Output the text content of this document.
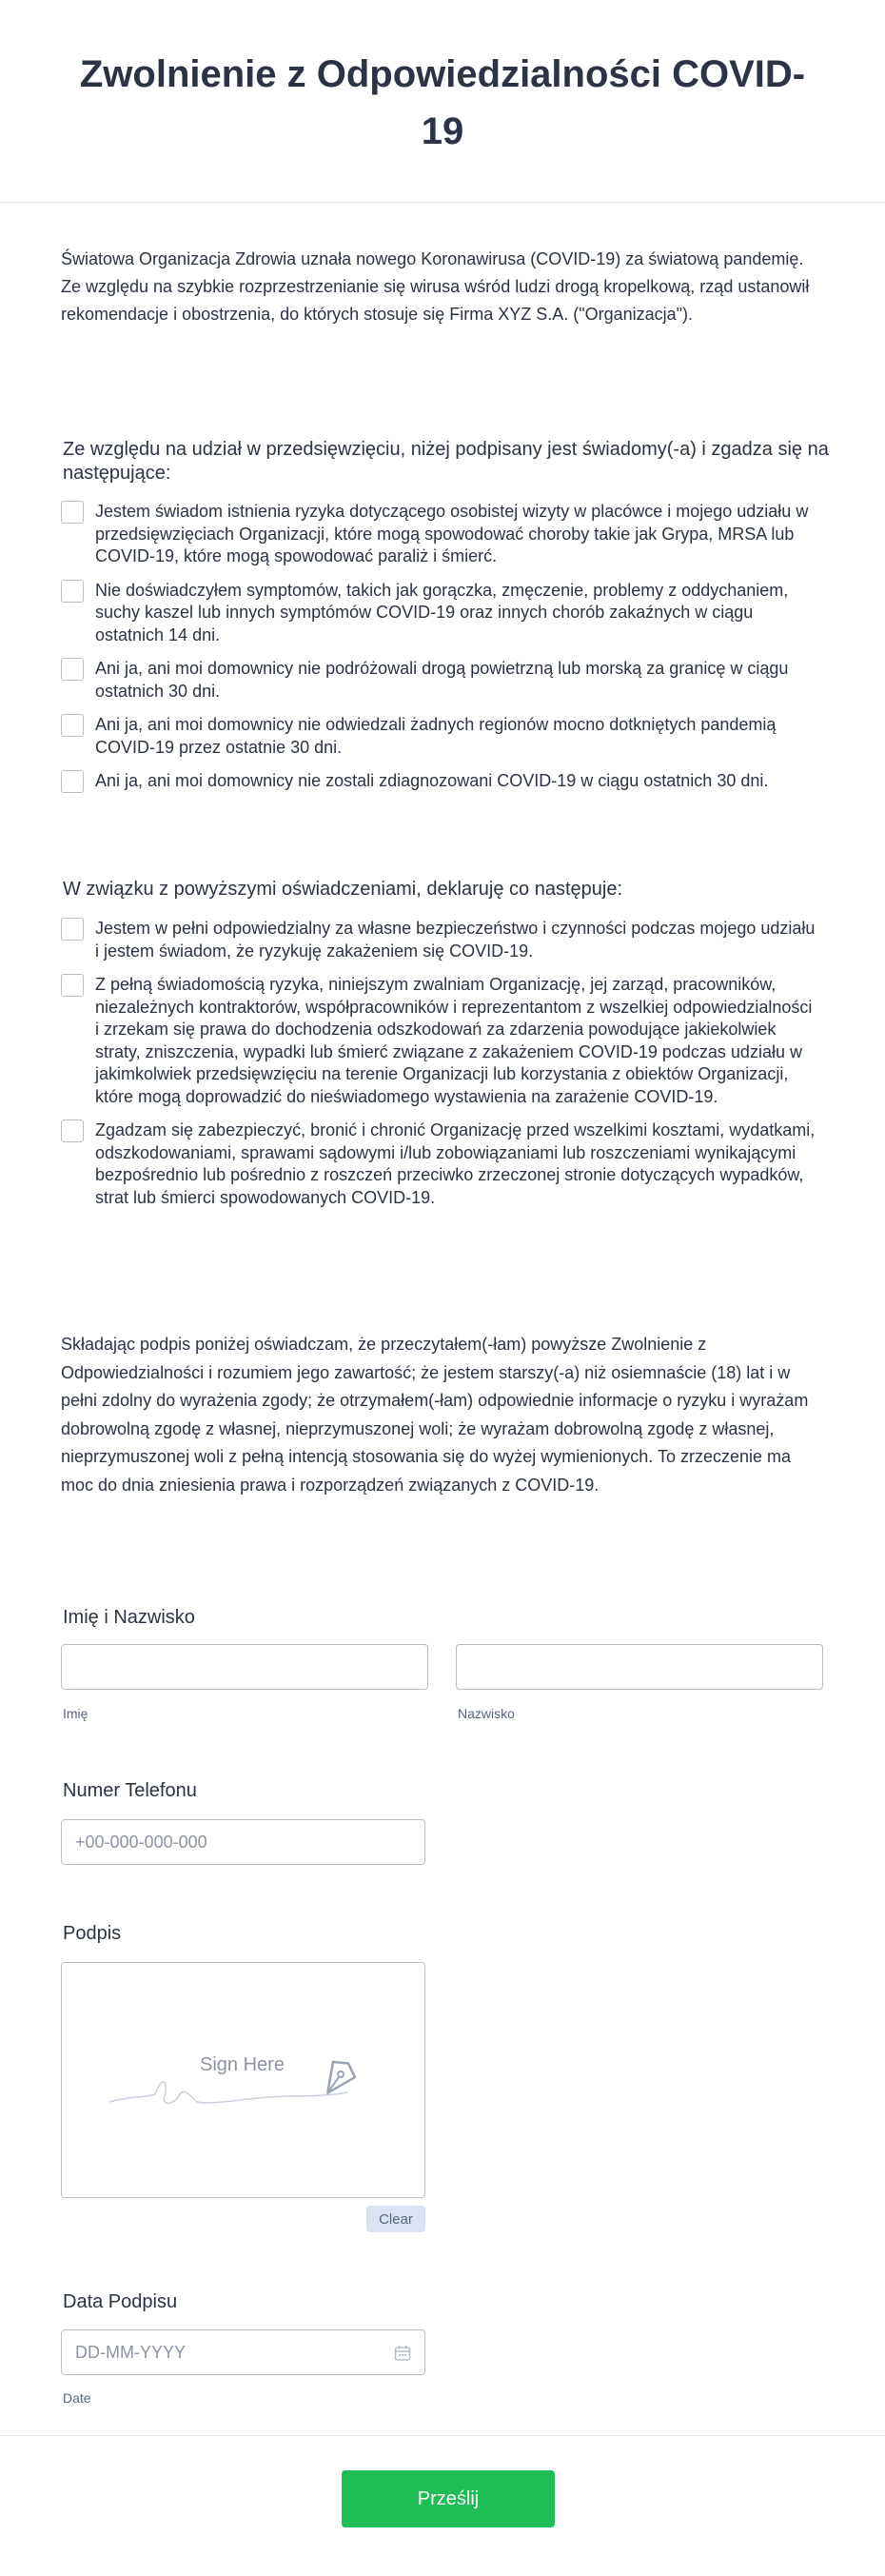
Zwolnienie z Odpowiedzialności COVID-19

Światowa Organizacja Zdrowia uznała nowego Koronawirusa (COVID-19) za światową pandemię. Ze względu na szybkie rozprzestrzenianie się wirusa wśród ludzi drogą kropelkową, rząd ustanowił rekomendacje i obostrzenia, do których stosuje się Firma XYZ S.A. ("Organizacja").

Ze względu na udział w przedsięwzięciu, niżej podpisany jest świadomy(-a) i zgadza się na następujące:
Jestem świadom istnienia ryzyka dotyczącego osobistej wizyty w placówce i mojego udziału w przedsięwzięciach Organizacji, które mogą spowodować choroby takie jak Grypa, MRSA lub COVID-19, które mogą spowodować paraliż i śmierć.
Nie doświadczyłem symptomów, takich jak gorączka, zmęczenie, problemy z oddychaniem, suchy kaszel lub innych symptómów COVID-19 oraz innych chorób zakaźnych w ciągu ostatnich 14 dni.
Ani ja, ani moi domownicy nie podróżowali drogą powietrzną lub morską za granicę w ciągu ostatnich 30 dni.
Ani ja, ani moi domownicy nie odwiedzali żadnych regionów mocno dotkniętych pandemią COVID-19 przez ostatnie 30 dni.
Ani ja, ani moi domownicy nie zostali zdiagnozowani COVID-19 w ciągu ostatnich 30 dni.
W związku z powyższymi oświadczeniami, deklaruję co następuje:
Jestem w pełni odpowiedzialny za własne bezpieczeństwo i czynności podczas mojego udziału i jestem świadom, że ryzykuję zakażeniem się COVID-19.
Z pełną świadomością ryzyka, niniejszym zwalniam Organizację, jej zarząd, pracowników, niezależnych kontraktorów, współpracowników i reprezentantom z wszelkiej odpowiedzialności i zrzekam się prawa do dochodzenia odszkodowań za zdarzenia powodujące jakiekolwiek straty, zniszczenia, wypadki lub śmierć związane z zakażeniem COVID-19 podczas udziału w jakimkolwiek przedsięwzięciu na terenie Organizacji lub korzystania z obiektów Organizacji, które mogą doprowadzić do nieświadomego wystawienia na zarażenie COVID-19.
Zgadzam się zabezpieczyć, bronić i chronić Organizację przed wszelkimi kosztami, wydatkami, odszkodowaniami, sprawami sądowymi i/lub zobowiązaniami lub roszczeniami wynikającymi bezpośrednio lub pośrednio z roszczeń przeciwko zrzeczonej stronie dotyczących wypadków, strat lub śmierci spowodowanych COVID-19.

Składając podpis poniżej oświadczam, że przeczytałem(-łam) powyższe Zwolnienie z Odpowiedzialności i rozumiem jego zawartość; że jestem starszy(-a) niż osiemnaście (18) lat i w pełni zdolny do wyrażenia zgody; że otrzymałem(-łam) odpowiednie informacje o ryzyku i wyrażam dobrowolną zgodę z własnej, nieprzymuszonej woli; że wyrażam dobrowolną zgodę z własnej, nieprzymuszonej woli z pełną intencją stosowania się do wyżej wymienionych. To zrzeczenie ma moc do dnia zniesienia prawa i rozporządzeń związanych z COVID-19.

Imię i Nazwisko
Imię	Nazwisko
Numer Telefonu
+00-000-000-000
Podpis
Sign Here
Clear
Data Podpisu
DD-MM-YYYY
Date
Prześlij
